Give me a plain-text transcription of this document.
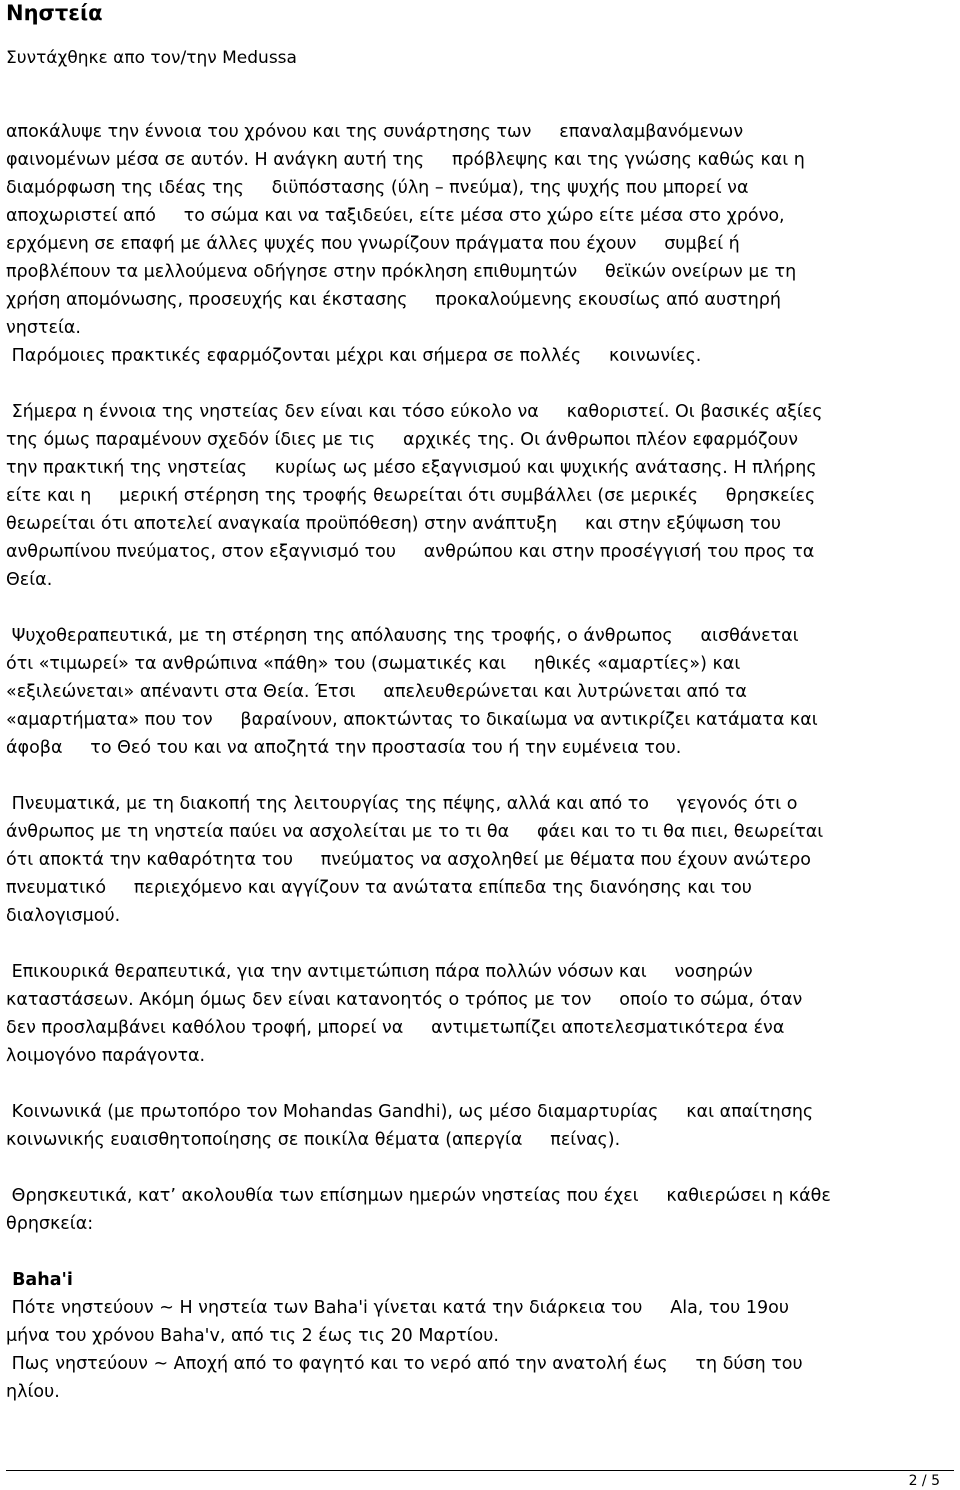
Νηστεία
Συντάχθηκε απο τον/την Medussa
αποκάλυψε την έννοια του χρόνου και της συνάρτησης των     επαναλαμβανόμενων
φαινομένων μέσα σε αυτόν. Η ανάγκη αυτή της     πρόβλεψης και της γνώσης καθώς και η
διαμόρφωση της ιδέας της     διϋπόστασης (ύλη – πνεύμα), της ψυχής που μπορεί να
αποχωριστεί από     το σώμα και να ταξιδεύει, είτε μέσα στο χώρο είτε μέσα στο χρόνο,
ερχόμενη σε επαφή με άλλες ψυχές που γνωρίζουν πράγματα που έχουν     συμβεί ή
προβλέπουν τα μελλούμενα οδήγησε στην πρόκληση επιθυμητών     θεϊκών ονείρων με τη
χρήση απομόνωσης, προσευχής και έκστασης     προκαλούμενης εκουσίως από αυστηρή
νηστεία.
Παρόμοιες πρακτικές εφαρμόζονται μέχρι και σήμερα σε πολλές     κοινωνίες.
Σήμερα η έννοια της νηστείας δεν είναι και τόσο εύκολο να     καθοριστεί. Οι βασικές αξίες
της όμως παραμένουν σχεδόν ίδιες με τις     αρχικές της. Οι άνθρωποι πλέον εφαρμόζουν
την πρακτική της νηστείας     κυρίως ως μέσο εξαγνισμού και ψυχικής ανάτασης. Η πλήρης
είτε και η     μερική στέρηση της τροφής θεωρείται ότι συμβάλλει (σε μερικές     θρησκείες
θεωρείται ότι αποτελεί αναγκαία προϋπόθεση) στην ανάπτυξη     και στην εξύψωση του
ανθρωπίνου πνεύματος, στον εξαγνισμό του     ανθρώπου και στην προσέγγισή του προς τα
Θεία.
Ψυχοθεραπευτικά, με τη στέρηση της απόλαυσης της τροφής, ο άνθρωπος     αισθάνεται
ότι «τιμωρεί» τα ανθρώπινα «πάθη» του (σωματικές και     ηθικές «αμαρτίες») και
«εξιλεώνεται» απέναντι στα Θεία. Έτσι     απελευθερώνεται και λυτρώνεται από τα
«αμαρτήματα» που τον     βαραίνουν, αποκτώντας το δικαίωμα να αντικρίζει κατάματα και
άφοβα     το Θεό του και να αποζητά την προστασία του ή την ευμένεια του.
Πνευματικά, με τη διακοπή της λειτουργίας της πέψης, αλλά και από το     γεγονός ότι ο
άνθρωπος με τη νηστεία παύει να ασχολείται με το τι θα     φάει και το τι θα πιει, θεωρείται
ότι αποκτά την καθαρότητα του     πνεύματος να ασχοληθεί με θέματα που έχουν ανώτερο
πνευματικό     περιεχόμενο και αγγίζουν τα ανώτατα επίπεδα της διανόησης και του
διαλογισμού.
Επικουρικά θεραπευτικά, για την αντιμετώπιση πάρα πολλών νόσων και     νοσηρών
καταστάσεων. Ακόμη όμως δεν είναι κατανοητός ο τρόπος με τον     οποίο το σώμα, όταν
δεν προσλαμβάνει καθόλου τροφή, μπορεί να     αντιμετωπίζει αποτελεσματικότερα ένα
λοιμογόνο παράγοντα.
Κοινωνικά (με πρωτοπόρο τον Mohandas Gandhi), ως μέσο διαμαρτυρίας     και απαίτησης
κοινωνικής ευαισθητοποίησης σε ποικίλα θέματα (απεργία     πείνας).
Θρησκευτικά, κατ’ ακολουθία των επίσημων ημερών νηστείας που έχει     καθιερώσει η κάθε
θρησκεία:
Baha'i
Πότε νηστεύουν ~ Η νηστεία των Baha'i γίνεται κατά την διάρκεια του     Ala, του 19ου
μήνα του χρόνου Baha'v, από τις 2 έως τις 20 Μαρτίου.
Πως νηστεύουν ~ Αποχή από το φαγητό και το νερό από την ανατολή έως     τη δύση του
ηλίου.
2 / 5
